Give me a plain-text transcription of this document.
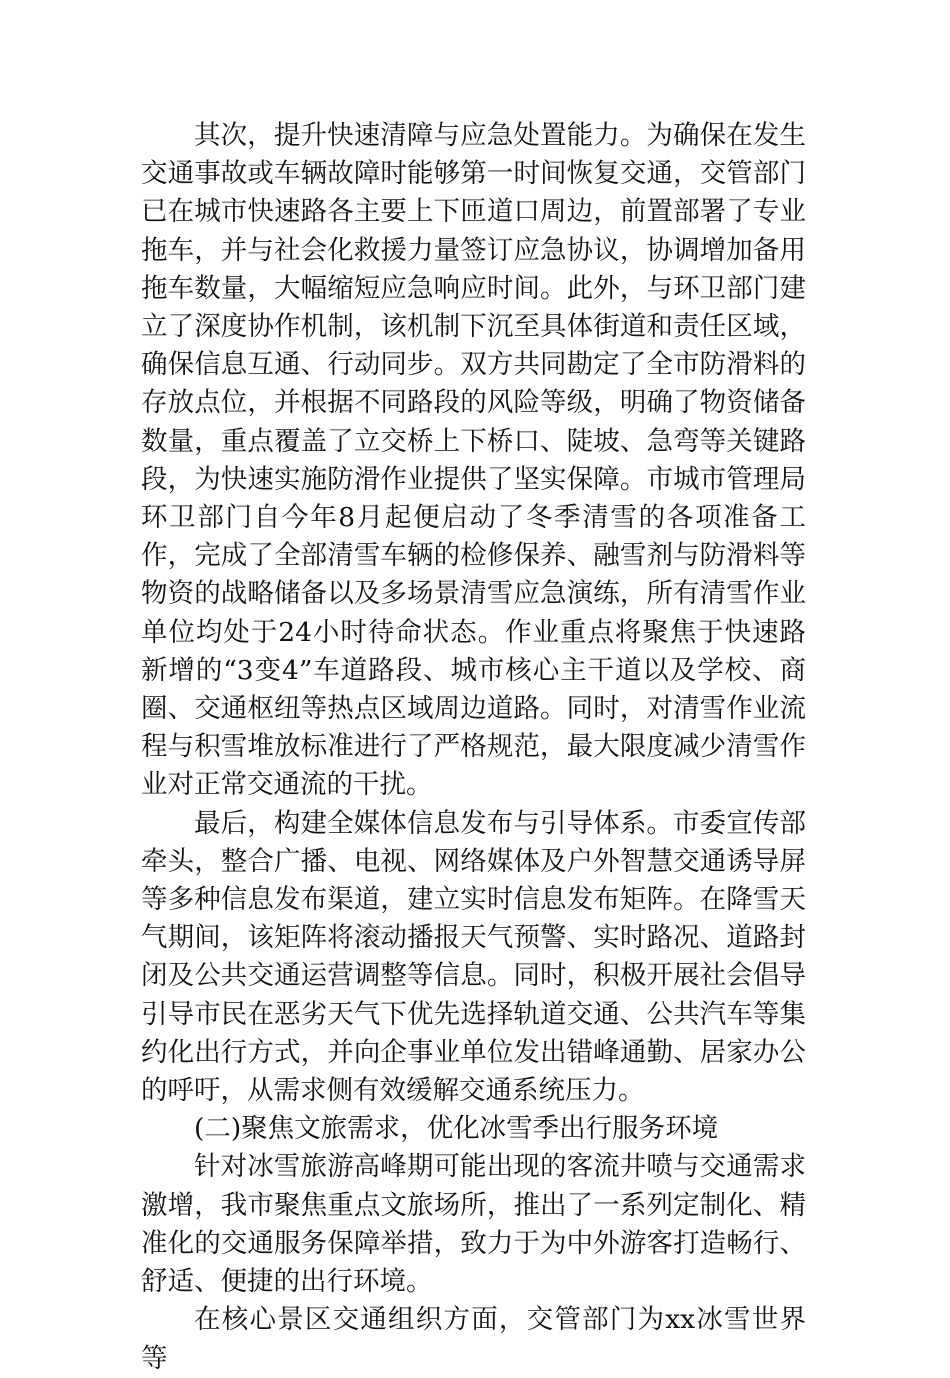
其次，提升快速清障与应急处置能力。为确保在发生交通事故或车辆故障时能够第一时间恢复交通，交管部门已在城市快速路各主要上下匝道口周边，前置部署了专业拖车，并与社会化救援力量签订应急协议，协调增加备用拖车数量，大幅缩短应急响应时间。此外，与环卫部门建立了深度协作机制，该机制下沉至具体街道和责任区域，确保信息互通、行动同步。双方共同勘定了全市防滑料的存放点位，并根据不同路段的风险等级，明确了物资储备数量，重点覆盖了立交桥上下桥口、陡坡、急弯等关键路段，为快速实施防滑作业提供了坚实保障。市城市管理局环卫部门自今年8月起便启动了冬季清雪的各项准备工作，完成了全部清雪车辆的检修保养、融雪剂与防滑料等物资的战略储备以及多场景清雪应急演练，所有清雪作业单位均处于24小时待命状态。作业重点将聚焦于快速路新增的“3变4”车道路段、城市核心主干道以及学校、商圈、交通枢纽等热点区域周边道路。同时，对清雪作业流程与积雪堆放标准进行了严格规范，最大限度减少清雪作业对正常交通流的干扰。

最后，构建全媒体信息发布与引导体系。市委宣传部牵头，整合广播、电视、网络媒体及户外智慧交通诱导屏等多种信息发布渠道，建立实时信息发布矩阵。在降雪天气期间，该矩阵将滚动播报天气预警、实时路况、道路封闭及公共交通运营调整等信息。同时，积极开展社会倡导引导市民在恶劣天气下优先选择轨道交通、公共汽车等集约化出行方式，并向企事业单位发出错峰通勤、居家办公的呼吁，从需求侧有效缓解交通系统压力。

(二)聚焦文旅需求，优化冰雪季出行服务环境

针对冰雪旅游高峰期可能出现的客流井喷与交通需求激增，我市聚焦重点文旅场所，推出了一系列定制化、精准化的交通服务保障举措，致力于为中外游客打造畅行、舒适、便捷的出行环境。

在核心景区交通组织方面，交管部门为xx冰雪世界等
